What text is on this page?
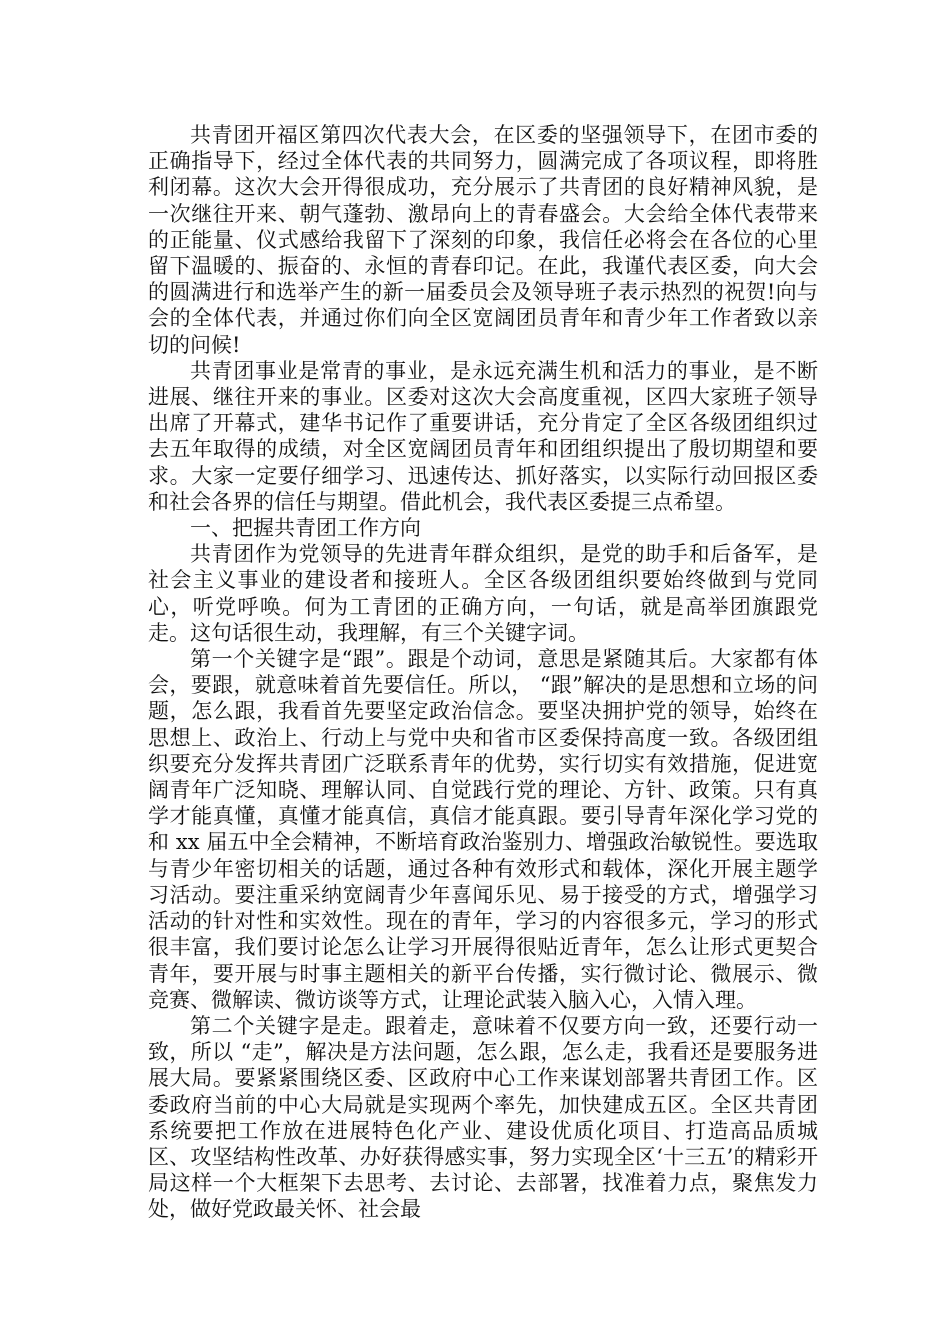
共青团开福区第四次代表大会，在区委的坚强领导下，在团市委的正确指导下，经过全体代表的共同努力，圆满完成了各项议程，即将胜利闭幕。这次大会开得很成功，充分展示了共青团的良好精神风貌，是一次继往开来、朝气蓬勃、激昂向上的青春盛会。大会给全体代表带来的正能量、仪式感给我留下了深刻的印象，我信任必将会在各位的心里留下温暖的、振奋的、永恒的青春印记。在此，我谨代表区委，向大会的圆满进行和选举产生的新一届委员会及领导班子表示热烈的祝贺!向与会的全体代表，并通过你们向全区宽阔团员青年和青少年工作者致以亲切的问候!

共青团事业是常青的事业，是永远充满生机和活力的事业，是不断进展、继往开来的事业。区委对这次大会高度重视，区四大家班子领导出席了开幕式，建华书记作了重要讲话，充分肯定了全区各级团组织过去五年取得的成绩，对全区宽阔团员青年和团组织提出了殷切期望和要求。大家一定要仔细学习、迅速传达、抓好落实，以实际行动回报区委和社会各界的信任与期望。借此机会，我代表区委提三点希望。

一、把握共青团工作方向

共青团作为党领导的先进青年群众组织，是党的助手和后备军，是社会主义事业的建设者和接班人。全区各级团组织要始终做到与党同心，听党呼唤。何为工青团的正确方向，一句话，就是高举团旗跟党走。这句话很生动，我理解，有三个关键字词。

第一个关键字是“跟”。跟是个动词，意思是紧随其后。大家都有体会，要跟，就意味着首先要信任。所以， “跟”解决的是思想和立场的问题，怎么跟，我看首先要坚定政治信念。要坚决拥护党的领导，始终在思想上、政治上、行动上与党中央和省市区委保持高度一致。各级团组织要充分发挥共青团广泛联系青年的优势，实行切实有效措施，促进宽阔青年广泛知晓、理解认同、自觉践行党的理论、方针、政策。只有真学才能真懂，真懂才能真信，真信才能真跟。要引导青年深化学习党的和 xx 届五中全会精神，不断培育政治鉴别力、增强政治敏锐性。要选取与青少年密切相关的话题，通过各种有效形式和载体，深化开展主题学习活动。要注重采纳宽阔青少年喜闻乐见、易于接受的方式，增强学习活动的针对性和实效性。现在的青年，学习的内容很多元，学习的形式很丰富，我们要讨论怎么让学习开展得很贴近青年，怎么让形式更契合青年，要开展与时事主题相关的新平台传播，实行微讨论、微展示、微竞赛、微解读、微访谈等方式，让理论武装入脑入心，入情入理。

第二个关键字是走。跟着走，意味着不仅要方向一致，还要行动一致，所以 “走”，解决是方法问题，怎么跟，怎么走，我看还是要服务进展大局。要紧紧围绕区委、区政府中心工作来谋划部署共青团工作。区委政府当前的中心大局就是实现两个率先，加快建成五区。全区共青团系统要把工作放在进展特色化产业、建设优质化项目、打造高品质城区、攻坚结构性改革、办好获得感实事，努力实现全区‘十三五’的精彩开局这样一个大框架下去思考、去讨论、去部署，找准着力点，聚焦发力处，做好党政最关怀、社会最
